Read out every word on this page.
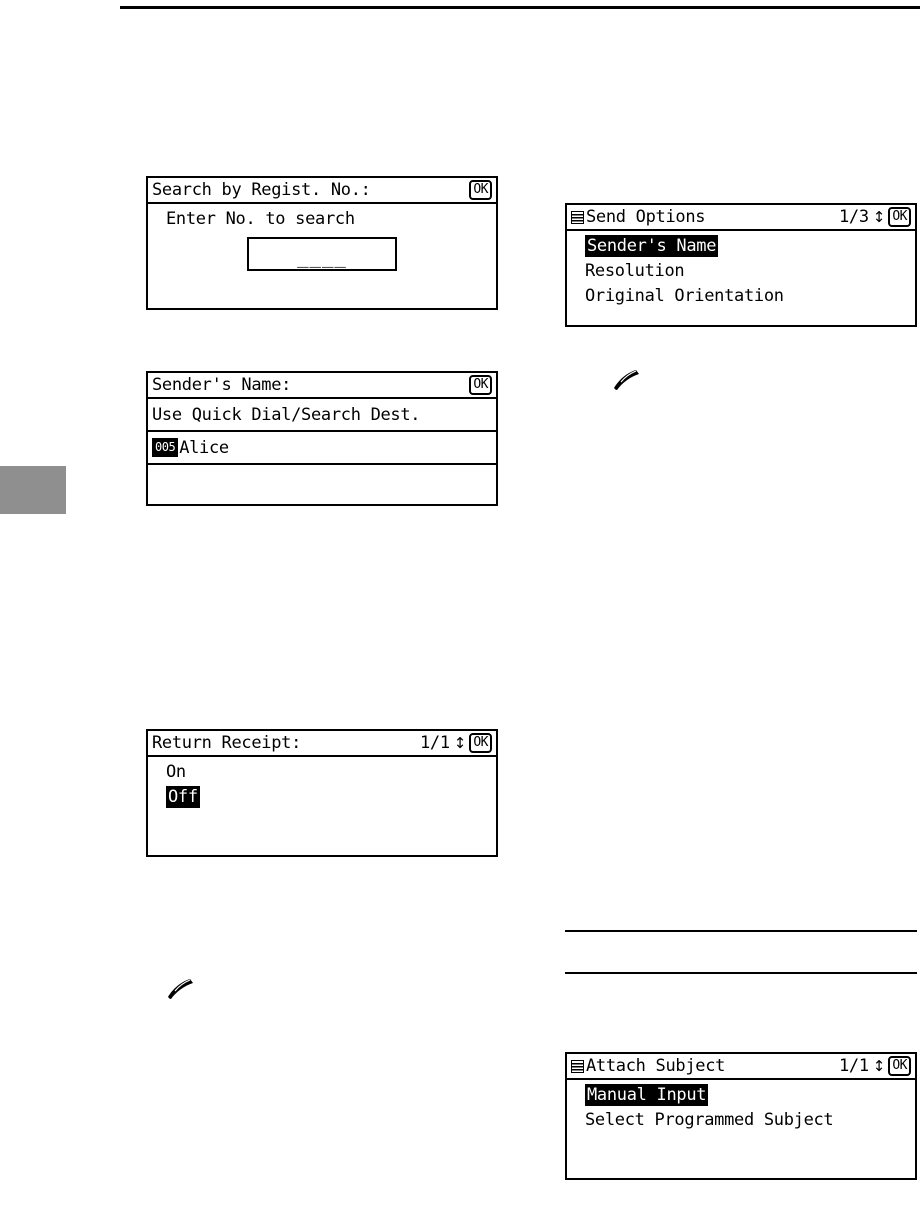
Search by Regist. No.:	OK
Enter No. to search
____
Sender's Name:	OK
Use Quick Dial/Search Dest.
005 Alice
Return Receipt:	1/1 ↕ OK
On
Off
Send Options	1/3 ↕ OK
Sender's Name
Resolution
Original Orientation
Attach Subject	1/1 ↕ OK
Manual Input
Select Programmed Subject
